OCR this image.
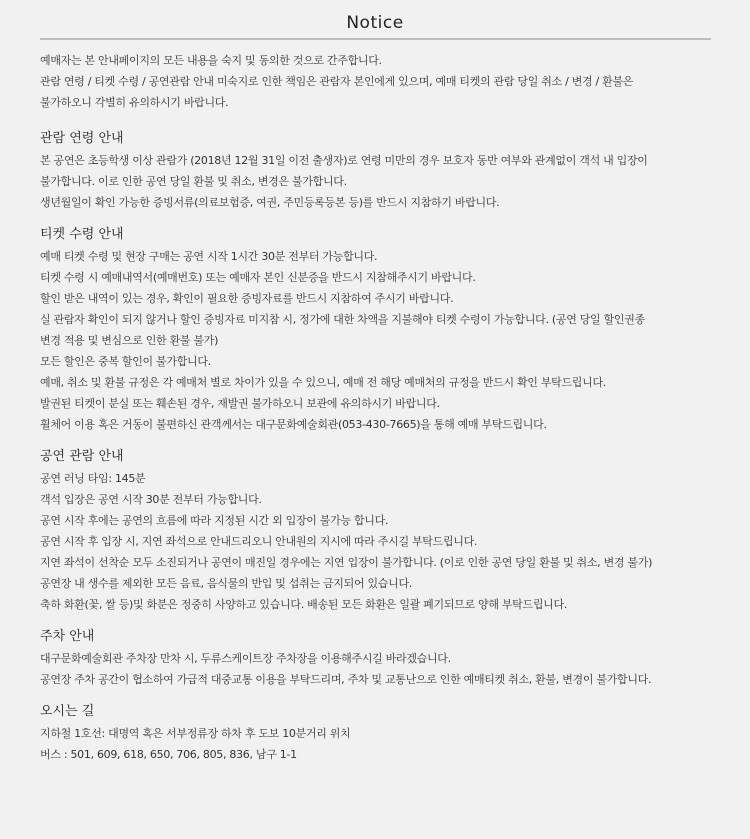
Notice

예매자는 본 안내페이지의 모든 내용을 숙지 및 동의한 것으로 간주합니다.

관람 연령 / 티켓 수령 / 공연관람 안내 미숙지로 인한 책임은 관람자 본인에게 있으며, 예매 티켓의 관람 당일 취소 / 변경 / 환불은

불가하오니 각별히 유의하시기 바랍니다.

관람 연령 안내

본 공연은 초등학생 이상 관람가 (2018년 12월 31일 이전 출생자)로 연령 미만의 경우 보호자 동반 여부와 관계없이 객석 내 입장이

불가합니다. 이로 인한 공연 당일 환불 및 취소, 변경은 불가합니다.

생년월일이 확인 가능한 증빙서류(의료보험증, 여권, 주민등록등본 등)를 반드시 지참하기 바랍니다.

티켓 수령 안내

예매 티켓 수령 및 현장 구매는 공연 시작 1시간 30분 전부터 가능합니다.

티켓 수령 시 예매내역서(예매번호) 또는 예매자 본인 신분증을 반드시 지참해주시기 바랍니다.

할인 받은 내역이 있는 경우, 확인이 필요한 증빙자료를 반드시 지참하여 주시기 바랍니다.

실 관람자 확인이 되지 않거나 할인 증빙자료 미지참 시, 정가에 대한 차액을 지불해야 티켓 수령이 가능합니다. (공연 당일 할인권종

변경 적용 및 변심으로 인한 환불 불가)

모든 할인은 중복 할인이 불가합니다.

예매, 취소 및 환불 규정은 각 예매처 별로 차이가 있을 수 있으니, 예매 전 해당 예매처의 규정을 반드시 확인 부탁드립니다.

발권된 티켓이 분실 또는 훼손된 경우, 재발권 불가하오니 보관에 유의하시기 바랍니다.

휠체어 이용 혹은 거동이 불편하신 관객께서는 대구문화예술회관(053-430-7665)을 통해 예매 부탁드립니다.

공연 관람 안내

공연 러닝 타임: 145분

객석 입장은 공연 시작 30분 전부터 가능합니다.

공연 시작 후에는 공연의 흐름에 따라 지정된 시간 외 입장이 불가능 합니다.

공연 시작 후 입장 시, 지연 좌석으로 안내드리오니 안내원의 지시에 따라 주시길 부탁드립니다.

지연 좌석이 선착순 모두 소진되거나 공연이 매진일 경우에는 지연 입장이 불가합니다. (이로 인한 공연 당일 환불 및 취소, 변경 불가)

공연장 내 생수를 제외한 모든 음료, 음식물의 반입 및 섭취는 금지되어 있습니다.

축하 화환(꽃, 쌀 등)및 화분은 정중히 사양하고 있습니다. 배송된 모든 화환은 일괄 폐기되므로 양해 부탁드립니다.

주차 안내

대구문화예술회관 주차장 만차 시, 두류스케이트장 주차장을 이용해주시길 바라겠습니다.

공연장 주차 공간이 협소하여 가급적 대중교통 이용을 부탁드리며, 주차 및 교통난으로 인한 예매티켓 취소, 환불, 변경이 불가합니다.

오시는 길

지하철 1호선: 대명역 혹은 서부정류장 하차 후 도보 10분거리 위치

버스 : 501, 609, 618, 650, 706, 805, 836, 남구 1-1
